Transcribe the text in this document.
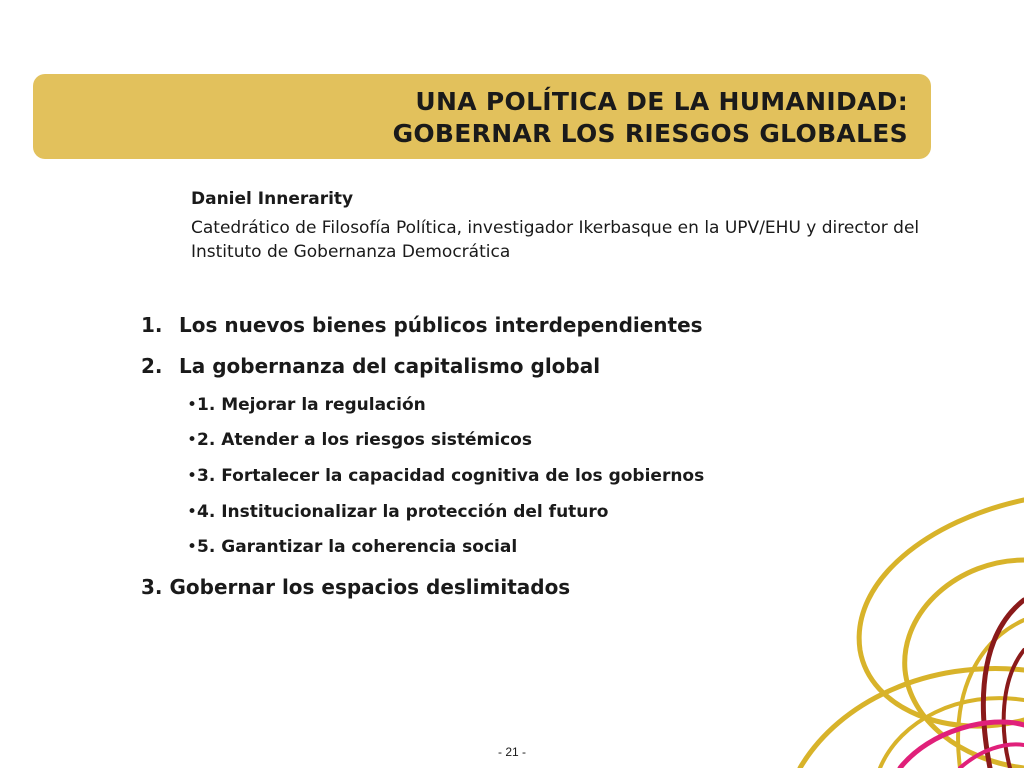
UNA POLÍTICA DE LA HUMANIDAD:
GOBERNAR LOS RIESGOS GLOBALES
Daniel Innerarity
Catedrático de Filosofía Política, investigador Ikerbasque en la UPV/EHU y director del Instituto de Gobernanza Democrática
1. Los nuevos bienes públicos interdependientes
2. La gobernanza del capitalismo global
•1. Mejorar la regulación
•2. Atender a los riesgos sistémicos
•3. Fortalecer la capacidad cognitiva de los gobiernos
•4. Institucionalizar la protección del futuro
•5. Garantizar la coherencia social
3. Gobernar los espacios deslimitados
- 21 -
